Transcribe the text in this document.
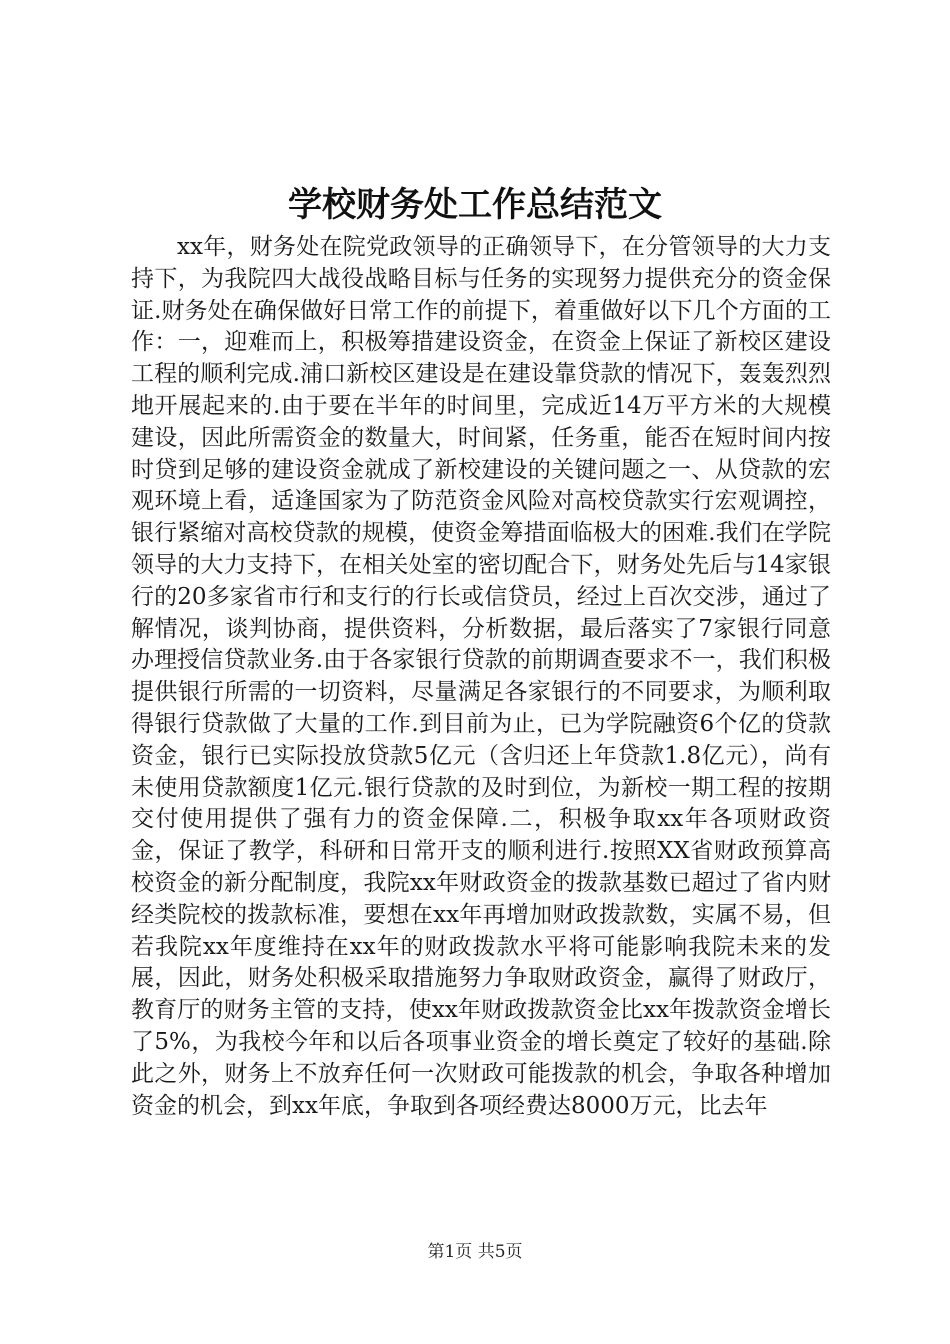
学校财务处工作总结范文

xx年，财务处在院党政领导的正确领导下，在分管领导的大力支持下，为我院四大战役战略目标与任务的实现努力提供充分的资金保证.财务处在确保做好日常工作的前提下，着重做好以下几个方面的工作：一，迎难而上，积极筹措建设资金，在资金上保证了新校区建设工程的顺利完成.浦口新校区建设是在建设靠贷款的情况下，轰轰烈烈地开展起来的.由于要在半年的时间里，完成近14万平方米的大规模建设，因此所需资金的数量大，时间紧，任务重，能否在短时间内按时贷到足够的建设资金就成了新校建设的关键问题之一、从贷款的宏观环境上看，适逢国家为了防范资金风险对高校贷款实行宏观调控，银行紧缩对高校贷款的规模，使资金筹措面临极大的困难.我们在学院领导的大力支持下，在相关处室的密切配合下，财务处先后与14家银行的20多家省市行和支行的行长或信贷员，经过上百次交涉，通过了解情况，谈判协商，提供资料，分析数据，最后落实了7家银行同意办理授信贷款业务.由于各家银行贷款的前期调查要求不一，我们积极提供银行所需的一切资料，尽量满足各家银行的不同要求，为顺利取得银行贷款做了大量的工作.到目前为止，已为学院融资6个亿的贷款资金，银行已实际投放贷款5亿元（含归还上年贷款1.8亿元），尚有未使用贷款额度1亿元.银行贷款的及时到位，为新校一期工程的按期交付使用提供了强有力的资金保障.二，积极争取xx年各项财政资金，保证了教学，科研和日常开支的顺利进行.按照XX省财政预算高校资金的新分配制度，我院xx年财政资金的拨款基数已超过了省内财经类院校的拨款标准，要想在xx年再增加财政拨款数，实属不易，但若我院xx年度维持在xx年的财政拨款水平将可能影响我院未来的发展，因此，财务处积极采取措施努力争取财政资金，赢得了财政厅，教育厅的财务主管的支持，使xx年财政拨款资金比xx年拨款资金增长了5%，为我校今年和以后各项事业资金的增长奠定了较好的基础.除此之外，财务上不放弃任何一次财政可能拨款的机会，争取各种增加资金的机会，到xx年底，争取到各项经费达8000万元，比去年

第1页 共5页
